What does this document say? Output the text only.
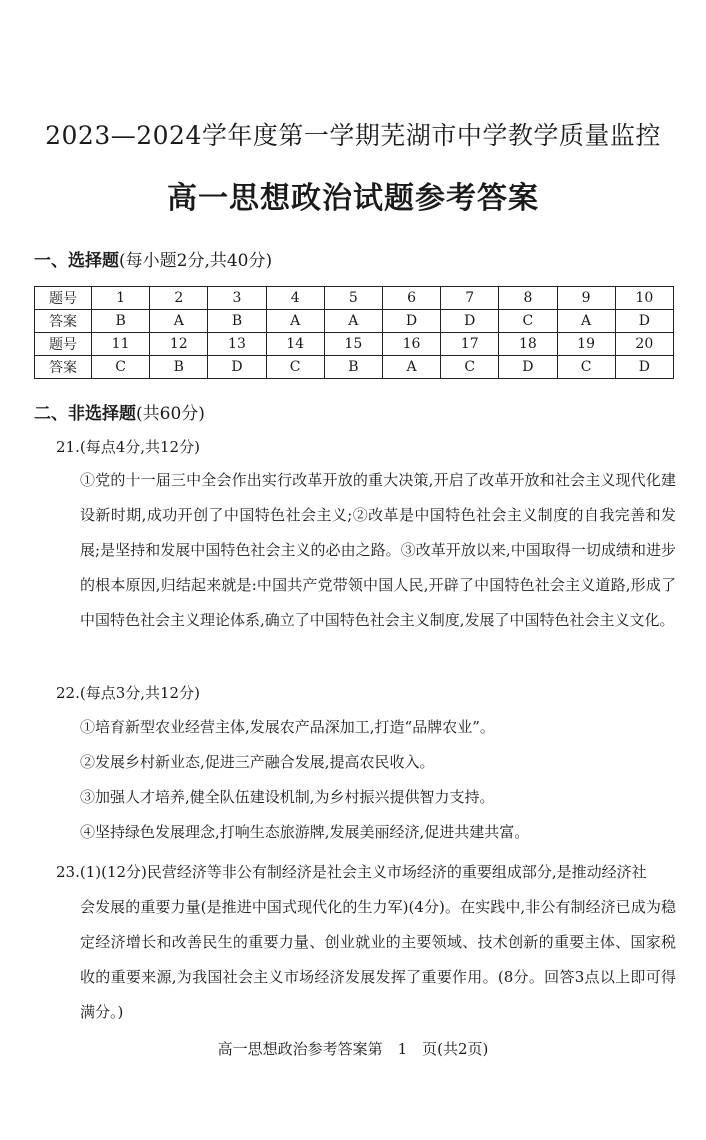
2023—2024学年度第一学期芜湖市中学教学质量监控
高一思想政治试题参考答案
一、选择题(每小题2分,共40分)
题号	1	2	3	4	5	6	7	8	9	10
答案	B	A	B	A	A	D	D	C	A	D
题号	11	12	13	14	15	16	17	18	19	20
答案	C	B	D	C	B	A	C	D	C	D
二、非选择题(共60分)
21.(每点4分,共12分)
①党的十一届三中全会作出实行改革开放的重大决策,开启了改革开放和社会主义现代化建设新时期,成功开创了中国特色社会主义;②改革是中国特色社会主义制度的自我完善和发展;是坚持和发展中国特色社会主义的必由之路。③改革开放以来,中国取得一切成绩和进步的根本原因,归结起来就是:中国共产党带领中国人民,开辟了中国特色社会主义道路,形成了中国特色社会主义理论体系,确立了中国特色社会主义制度,发展了中国特色社会主义文化。
22.(每点3分,共12分)
①培育新型农业经营主体,发展农产品深加工,打造“品牌农业”。
②发展乡村新业态,促进三产融合发展,提高农民收入。
③加强人才培养,健全队伍建设机制,为乡村振兴提供智力支持。
④坚持绿色发展理念,打响生态旅游牌,发展美丽经济,促进共建共富。
23.(1)(12分)民营经济等非公有制经济是社会主义市场经济的重要组成部分,是推动经济社
会发展的重要力量(是推进中国式现代化的生力军)(4分)。在实践中,非公有制经济已成为稳定经济增长和改善民生的重要力量、创业就业的主要领域、技术创新的重要主体、国家税收的重要来源,为我国社会主义市场经济发展发挥了重要作用。(8分。回答3点以上即可得满分。)
高一思想政治参考答案第　1　页(共2页)
